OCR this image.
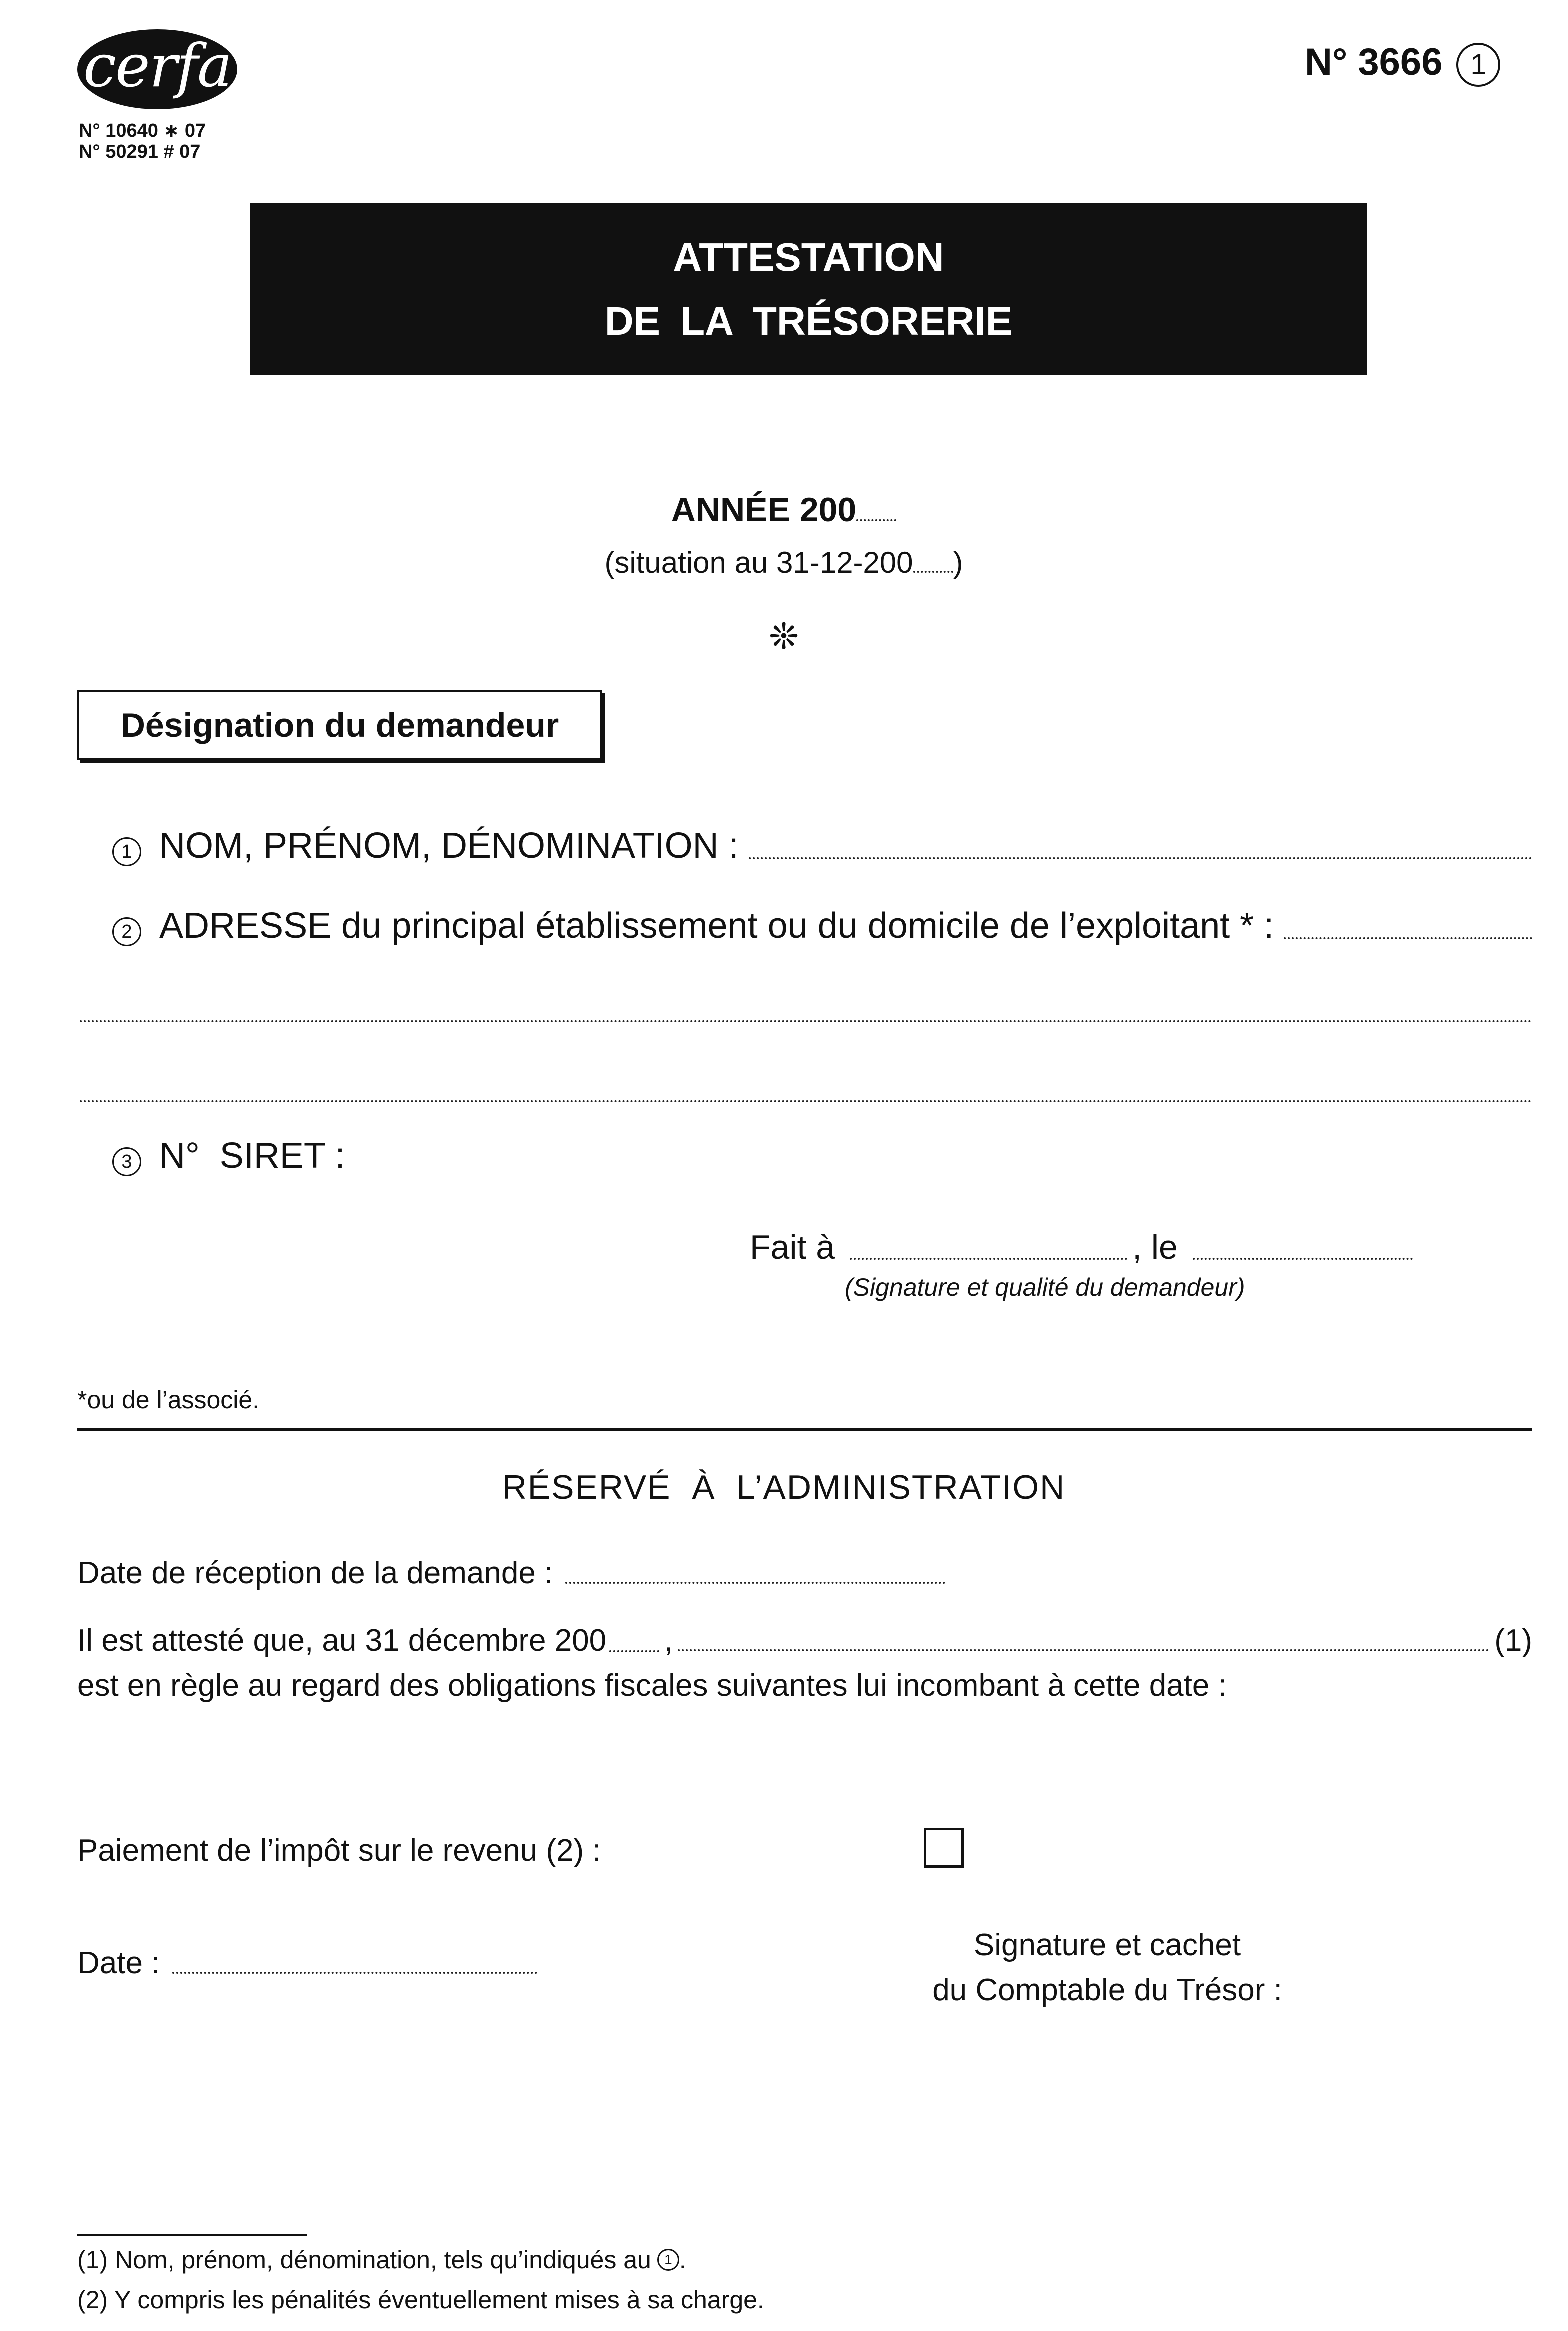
cerfa
N° 10640 ∗ 07
N° 50291 # 07
N° 3666 1
ATTESTATION
DE LA TRÉSORERIE
ANNÉE 200
(situation au 31-12-200 )
❊
Désignation du demandeur
1 NOM, PRÉNOM, DÉNOMINATION :
2 ADRESSE du principal établissement ou du domicile de l’exploitant * :
3 N°  SIRET :
Fait à	, le
(Signature et qualité du demandeur)
*ou de l’associé.
RÉSERVÉ  À  L’ADMINISTRATION
Date de réception de la demande :
Il est attesté que, au 31 décembre 200 ,	(1)
est en règle au regard des obligations fiscales suivantes lui incombant à cette date :
Paiement de l’impôt sur le revenu (2) :
Date :
Signature et cachet
du Comptable du Trésor :
(1) Nom, prénom, dénomination, tels qu’indiqués au 1 .
(2) Y compris les pénalités éventuellement mises à sa charge.
